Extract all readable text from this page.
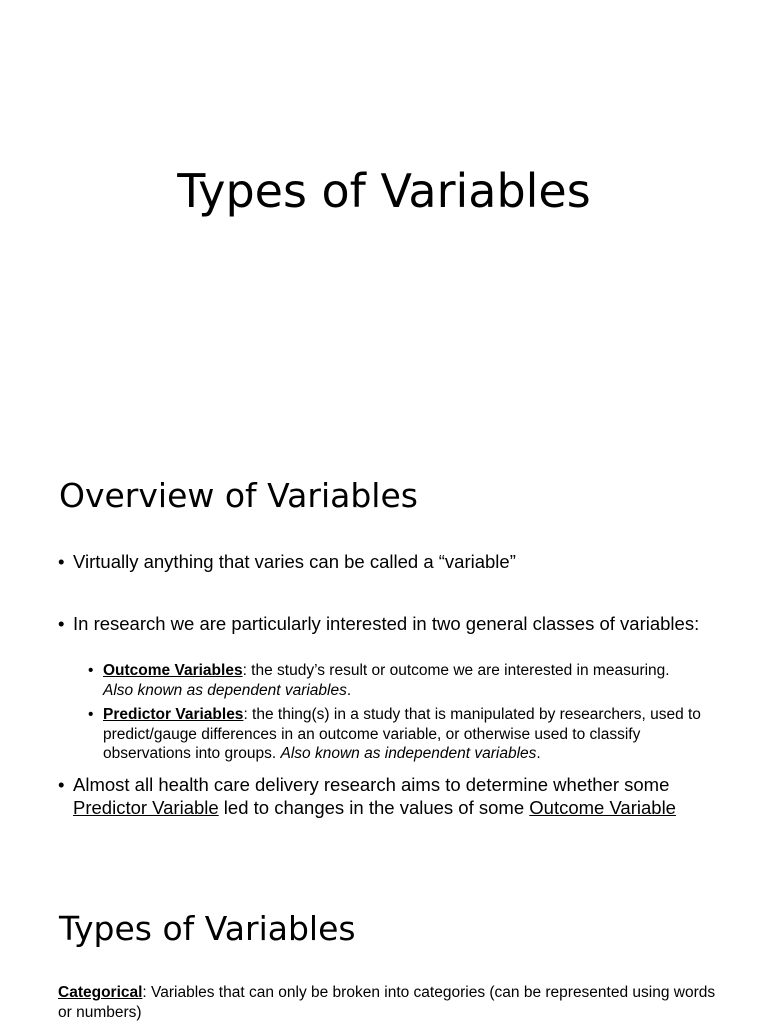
Types of Variables
Overview of Variables
• Virtually anything that varies can be called a “variable”
• In research we are particularly interested in two general classes of variables:
• Outcome Variables: the study’s result or outcome we are interested in measuring. Also known as dependent variables.
• Predictor Variables: the thing(s) in a study that is manipulated by researchers, used to predict/gauge differences in an outcome variable, or otherwise used to classify observations into groups. Also known as independent variables.
• Almost all health care delivery research aims to determine whether some Predictor Variable led to changes in the values of some Outcome Variable
Types of Variables
Categorical: Variables that can only be broken into categories (can be represented using words or numbers)
